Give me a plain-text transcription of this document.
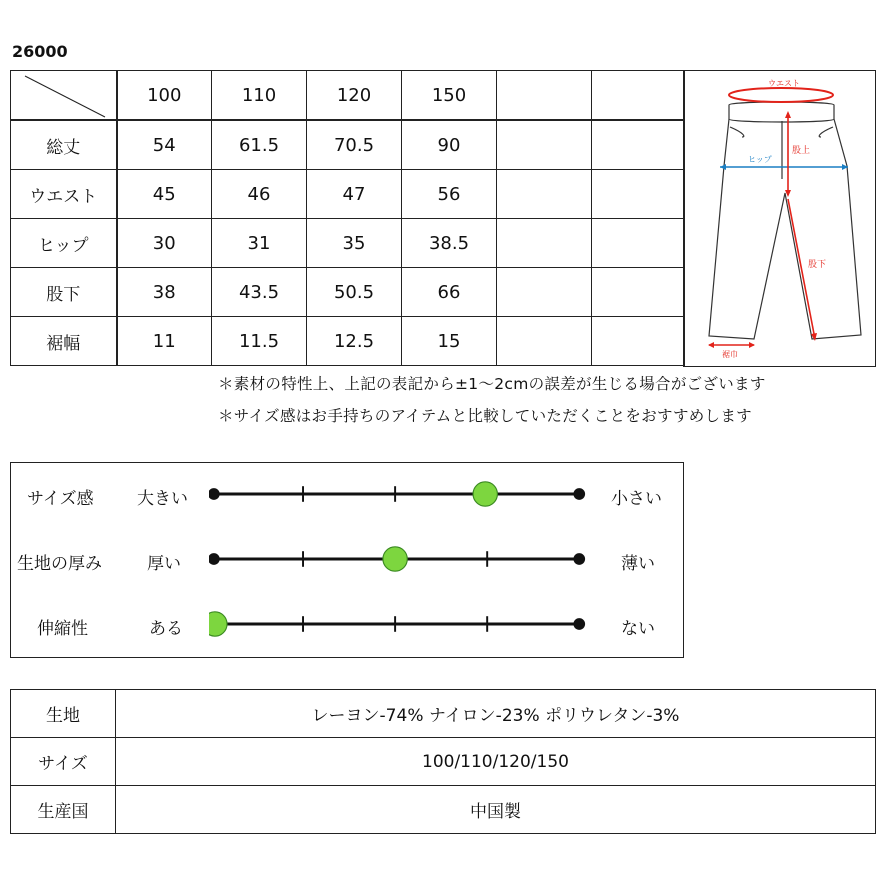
26000
	100	110	120	150		
総丈	54	61.5	70.5	90		
ウエスト	45	46	47	56		
ヒップ	30	31	35	38.5		
股下	38	43.5	50.5	66		
裾幅	11	11.5	12.5	15		
ウエスト
ヒップ
股上
股下
裾巾
＊素材の特性上、上記の表記から±1〜2cmの誤差が生じる場合がございます
＊サイズ感はお手持ちのアイテムと比較していただくことをおすすめします
サイズ感	大きい	小さい
生地の厚み	厚い	薄い
伸縮性	ある	ない
生地	レーヨン-74% ナイロン-23% ポリウレタン-3%
サイズ	100/110/120/150
生産国	中国製
